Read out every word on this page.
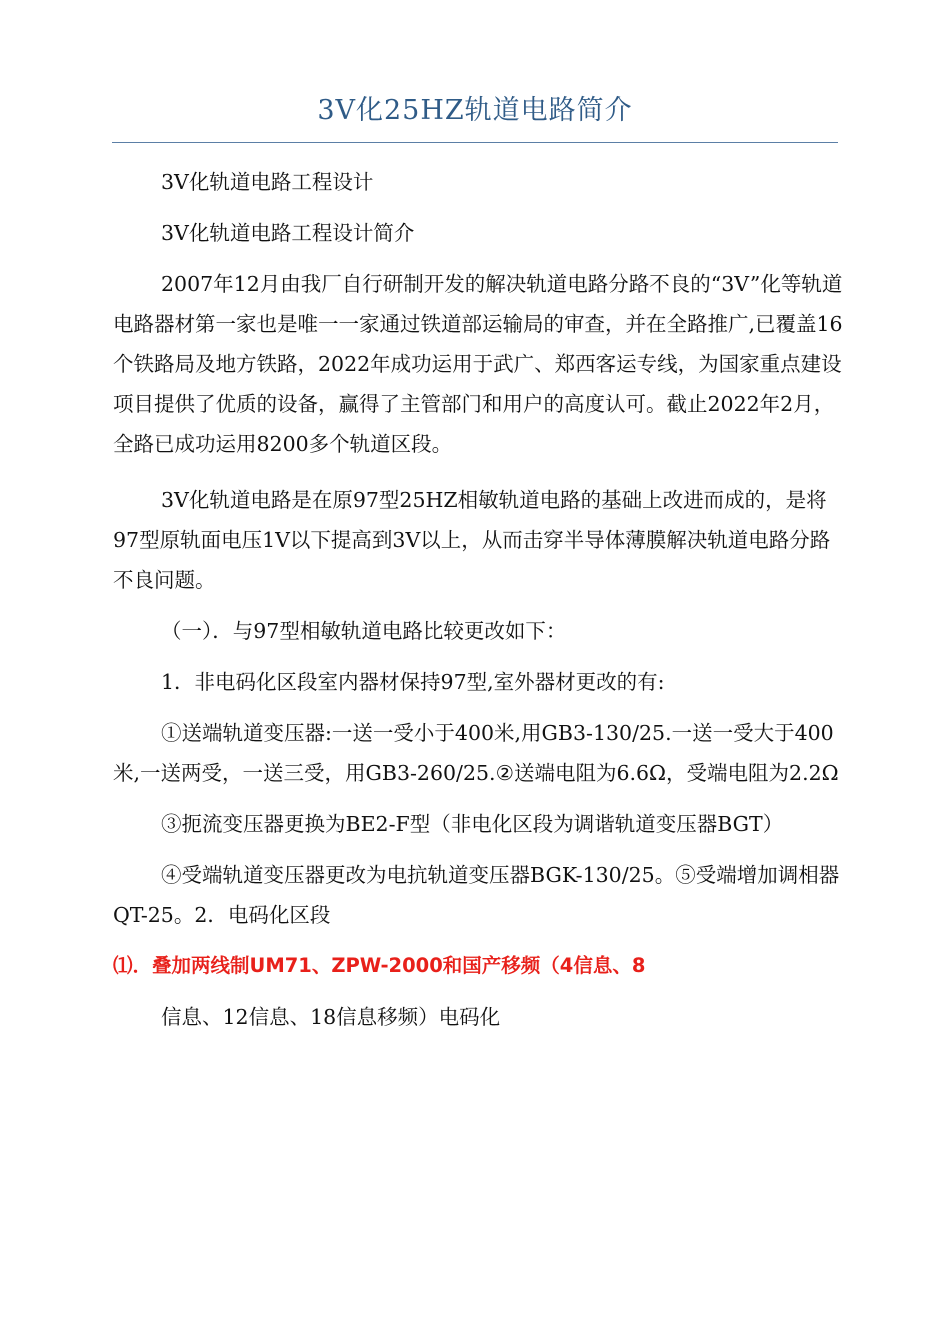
3V化25HZ轨道电路简介

3V化轨道电路工程设计

3V化轨道电路工程设计简介

2007年12月由我厂自行研制开发的解决轨道电路分路不良的“3V”化等轨道电路器材第一家也是唯一一家通过铁道部运输局的审查，并在全路推广,已覆盖16个铁路局及地方铁路，2022年成功运用于武广、郑西客运专线，为国家重点建设项目提供了优质的设备，赢得了主管部门和用户的高度认可。截止2022年2月，全路已成功运用8200多个轨道区段。

3V化轨道电路是在原97型25HZ相敏轨道电路的基础上改进而成的，是将97型原轨面电压1V以下提高到3V以上，从而击穿半导体薄膜解决轨道电路分路不良问题。

（一）．与97型相敏轨道电路比较更改如下：

1．非电码化区段室内器材保持97型,室外器材更改的有:

①送端轨道变压器:一送一受小于400米,用GB3-130/25.一送一受大于400米,一送两受，一送三受，用GB3-260/25.②送端电阻为6.6Ω，受端电阻为2.2Ω

③扼流变压器更换为BE2-F型（非电化区段为调谐轨道变压器BGT）

④受端轨道变压器更改为电抗轨道变压器BGK-130/25。⑤受端增加调相器QT-25。2．电码化区段

⑴．叠加两线制UM71、ZPW-2000和国产移频（4信息、8

信息、12信息、18信息移频）电码化
